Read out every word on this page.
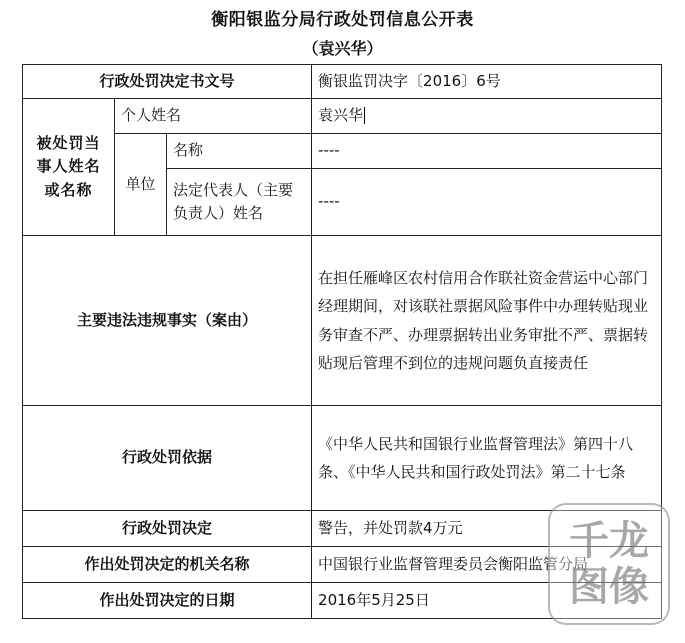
衡阳银监分局行政处罚信息公开表
（袁兴华）
行政处罚决定书文号			衡银监罚决字〔2016〕6号
被处罚当事人姓名或名称	个人姓名		袁兴华
	单位	名称	----
		法定代表人（主要负责人）姓名	----
主要违法违规事实（案由）			在担任雁峰区农村信用合作联社资金营运中心部门经理期间，对该联社票据风险事件中办理转贴现业务审查不严、办理票据转出业务审批不严、票据转贴现后管理不到位的违规问题负直接责任
行政处罚依据			《中华人民共和国银行业监督管理法》第四十八条、《中华人民共和国行政处罚法》第二十七条
行政处罚决定			警告，并处罚款4万元
作出处罚决定的机关名称			中国银行业监督管理委员会衡阳监管分局
作出处罚决定的日期			2016年5月25日
千龙
图像
